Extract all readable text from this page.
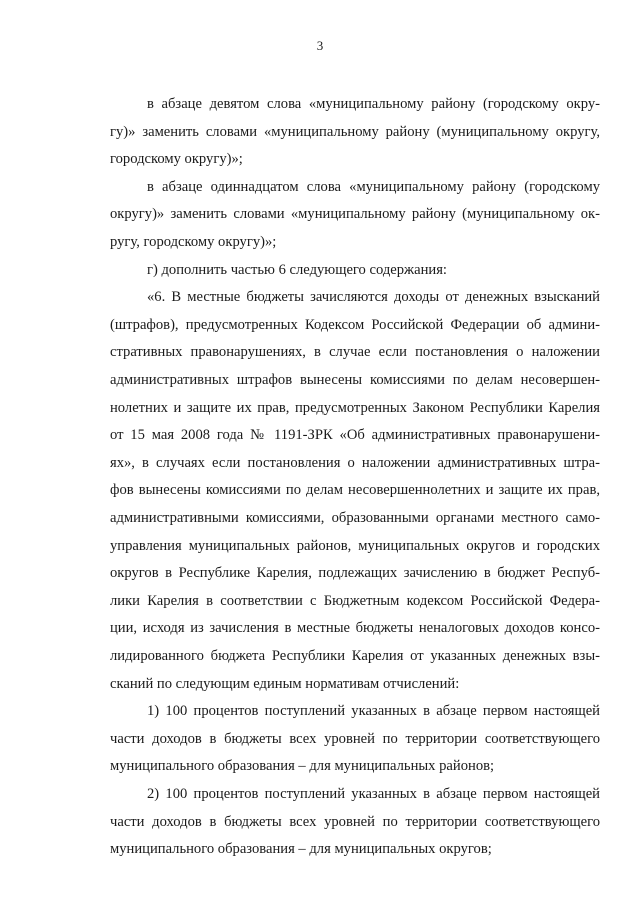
3
в абзаце девятом слова «муниципальному району (городскому окру-
гу)» заменить словами «муниципальному району (муниципальному округу,
городскому округу)»;
в абзаце одиннадцатом слова «муниципальному району (городскому
округу)» заменить словами «муниципальному району (муниципальному ок-
ругу, городскому округу)»;
г) дополнить частью 6 следующего содержания:
«6. В местные бюджеты зачисляются доходы от денежных взысканий
(штрафов), предусмотренных Кодексом Российской Федерации об админи-
стративных правонарушениях, в случае если постановления о наложении
административных штрафов вынесены комиссиями по делам несовершен-
нолетних и защите их прав, предусмотренных Законом Республики Карелия
от 15 мая 2008 года № 1191-ЗРК «Об административных правонарушени-
ях», в случаях если постановления о наложении административных штра-
фов вынесены комиссиями по делам несовершеннолетних и защите их прав,
административными комиссиями, образованными органами местного само-
управления муниципальных районов, муниципальных округов и городских
округов в Республике Карелия, подлежащих зачислению в бюджет Респуб-
лики Карелия в соответствии с Бюджетным кодексом Российской Федера-
ции, исходя из зачисления в местные бюджеты неналоговых доходов консо-
лидированного бюджета Республики Карелия от указанных денежных взы-
сканий по следующим единым нормативам отчислений:
1) 100 процентов поступлений указанных в абзаце первом настоящей
части доходов в бюджеты всех уровней по территории соответствующего
муниципального образования – для муниципальных районов;
2) 100 процентов поступлений указанных в абзаце первом настоящей
части доходов в бюджеты всех уровней по территории соответствующего
муниципального образования – для муниципальных округов;
